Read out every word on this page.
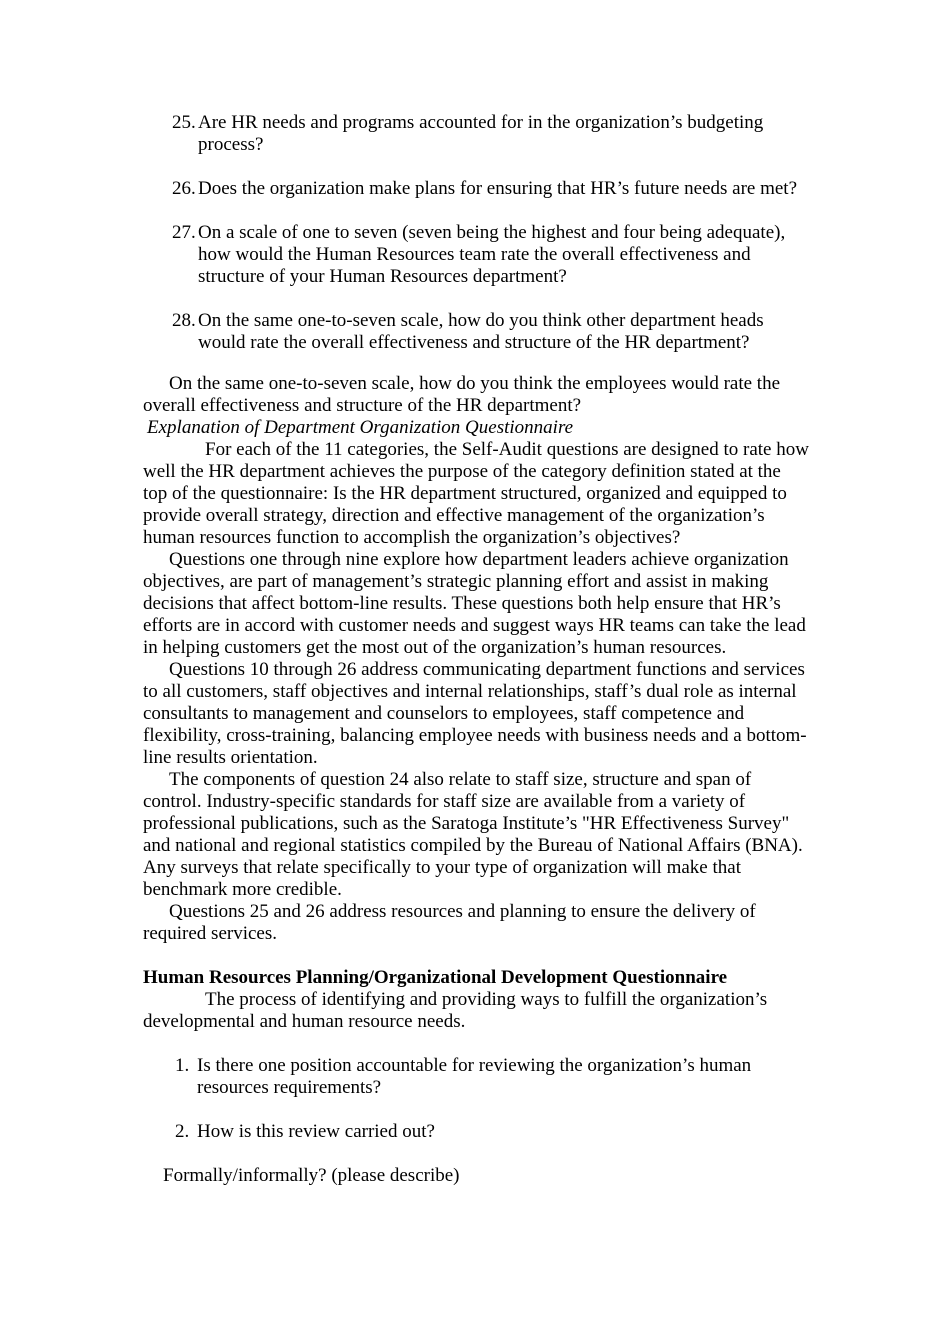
25. Are HR needs and programs accounted for in the organization’s budgeting process?
26. Does the organization make plans for ensuring that HR’s future needs are met?
27. On a scale of one to seven (seven being the highest and four being adequate), how would the Human Resources team rate the overall effectiveness and structure of your Human Resources department?
28. On the same one-to-seven scale, how do you think other department heads would rate the overall effectiveness and structure of the HR department?

On the same one-to-seven scale, how do you think the employees would rate the overall effectiveness and structure of the HR department?

Explanation of Department Organization Questionnaire

For each of the 11 categories, the Self-Audit questions are designed to rate how well the HR department achieves the purpose of the category definition stated at the top of the questionnaire: Is the HR department structured, organized and equipped to provide overall strategy, direction and effective management of the organization’s human resources function to accomplish the organization’s objectives?

Questions one through nine explore how department leaders achieve organization objectives, are part of management’s strategic planning effort and assist in making decisions that affect bottom-line results. These questions both help ensure that HR’s efforts are in accord with customer needs and suggest ways HR teams can take the lead in helping customers get the most out of the organization’s human resources.

Questions 10 through 26 address communicating department functions and services to all customers, staff objectives and internal relationships, staff’s dual role as internal consultants to management and counselors to employees, staff competence and flexibility, cross-training, balancing employee needs with business needs and a bottom-line results orientation.

The components of question 24 also relate to staff size, structure and span of control. Industry-specific standards for staff size are available from a variety of professional publications, such as the Saratoga Institute’s "HR Effectiveness Survey" and national and regional statistics compiled by the Bureau of National Affairs (BNA). Any surveys that relate specifically to your type of organization will make that benchmark more credible.

Questions 25 and 26 address resources and planning to ensure the delivery of required services.

Human Resources Planning/Organizational Development Questionnaire

The process of identifying and providing ways to fulfill the organization’s developmental and human resource needs.

1. Is there one position accountable for reviewing the organization’s human resources requirements?
2. How is this review carried out?

Formally/informally? (please describe)
